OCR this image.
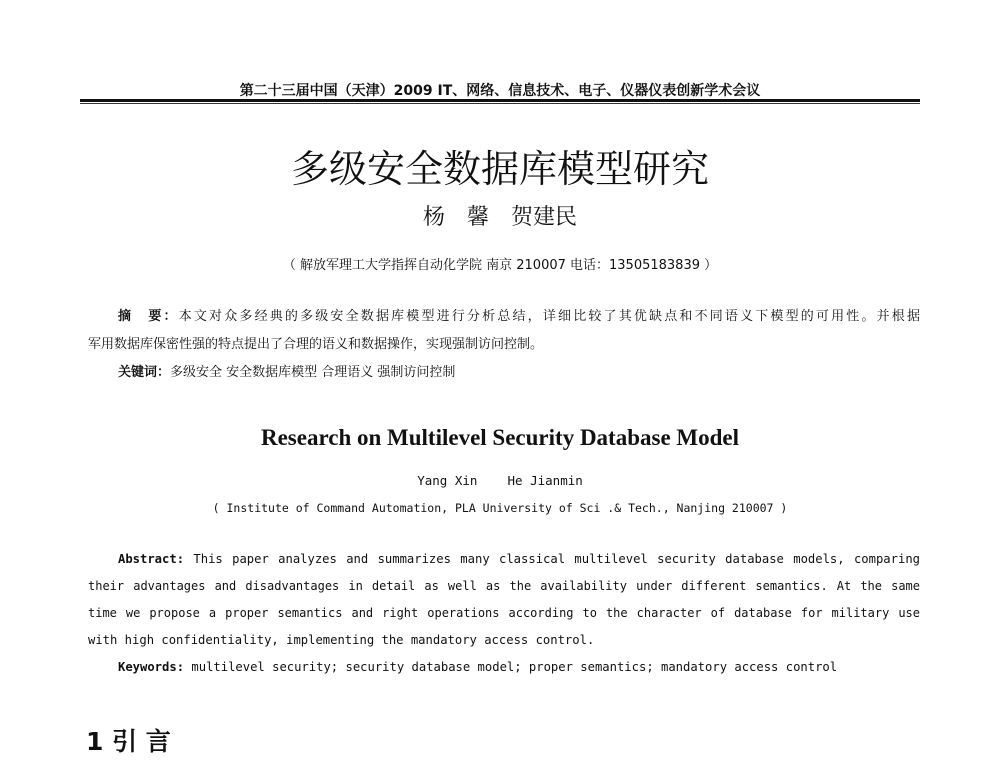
第二十三届中国（天津）2009 IT、网络、信息技术、电子、仪器仪表创新学术会议
多级安全数据库模型研究
杨　馨　贺建民
（ 解放军理工大学指挥自动化学院 南京 210007 电话：13505183839 ）
摘　要：本文对众多经典的多级安全数据库模型进行分析总结，详细比较了其优缺点和不同语义下模型的可用性。并根据
军用数据库保密性强的特点提出了合理的语义和数据操作，实现强制访问控制。
关键词：多级安全 安全数据库模型 合理语义 强制访问控制
Research on Multilevel Security Database Model
Yang Xin    He Jianmin
( Institute of Command Automation, PLA University of Sci .& Tech., Nanjing 210007 )
Abstract: This paper analyzes and summarizes many classical multilevel security database models, comparing
their advantages and disadvantages in detail as well as the availability under different semantics. At the same
time we propose a proper semantics and right operations according to the character of database for military use
with high confidentiality, implementing the mandatory access control.
Keywords: multilevel security; security database model; proper semantics; mandatory access control
1 引 言
